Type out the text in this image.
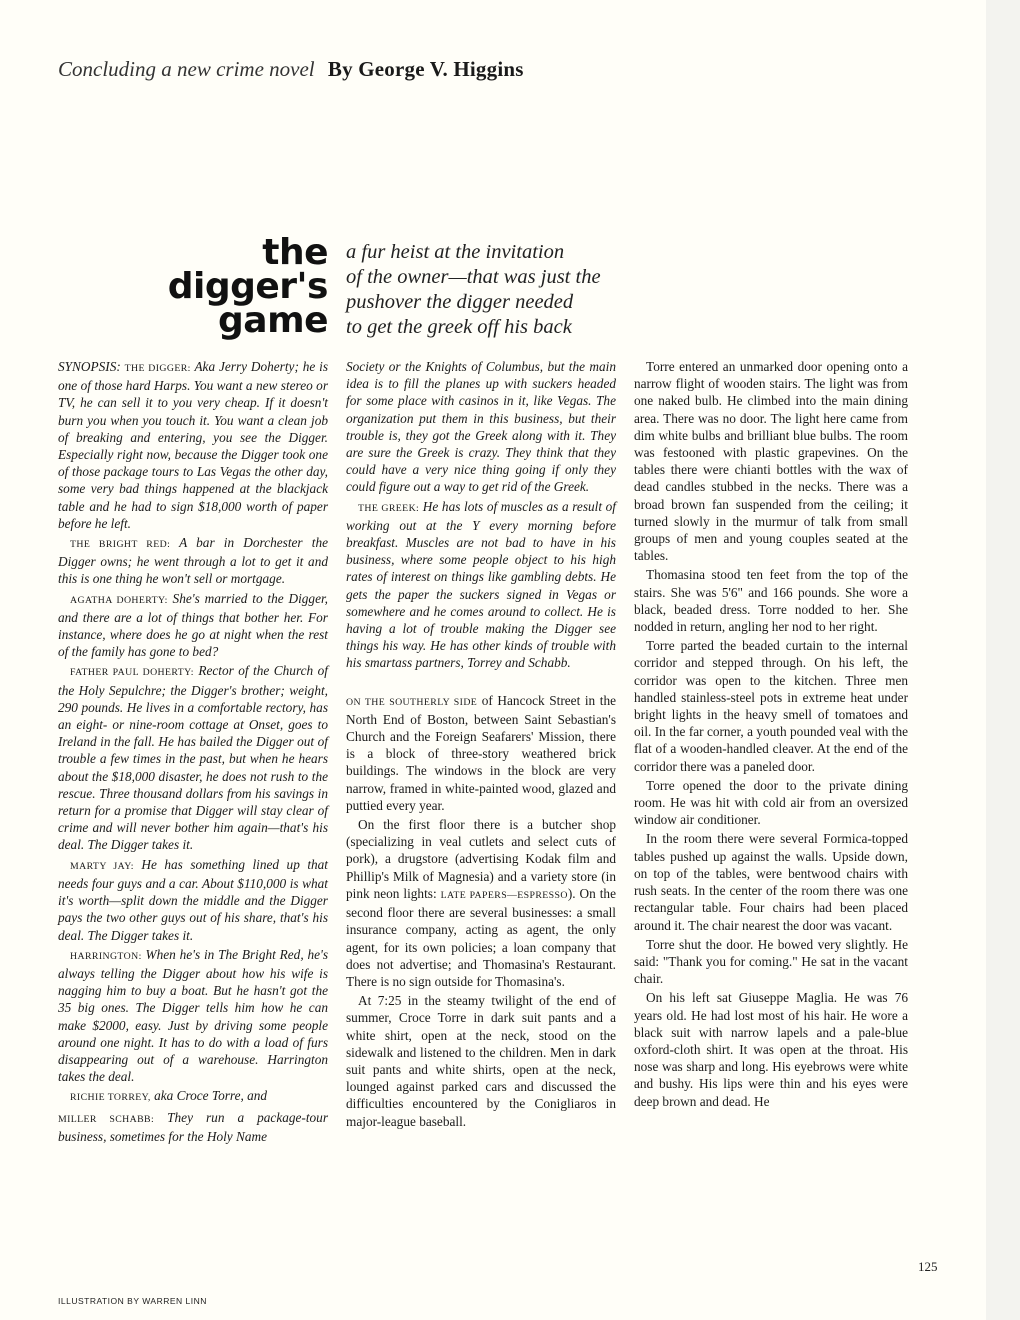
Concluding a new crime novel By George V. Higgins
the
digger's
game
a fur heist at the invitation
of the owner—that was just the
pushover the digger needed
to get the greek off his back

SYNOPSIS: THE DIGGER: Aka Jerry Doherty; he is one of those hard Harps. You want a new stereo or TV, he can sell it to you very cheap. If it doesn't burn you when you touch it. You want a clean job of breaking and entering, you see the Digger. Especially right now, because the Digger took one of those package tours to Las Vegas the other day, some very bad things happened at the blackjack table and he had to sign $18,000 worth of paper before he left.

THE BRIGHT RED: A bar in Dorchester the Digger owns; he went through a lot to get it and this is one thing he won't sell or mortgage.

AGATHA DOHERTY: She's married to the Digger, and there are a lot of things that bother her. For instance, where does he go at night when the rest of the family has gone to bed?

FATHER PAUL DOHERTY: Rector of the Church of the Holy Sepulchre; the Digger's brother; weight, 290 pounds. He lives in a comfortable rectory, has an eight- or nine-room cottage at Onset, goes to Ireland in the fall. He has bailed the Digger out of trouble a few times in the past, but when he hears about the $18,000 disaster, he does not rush to the rescue. Three thousand dollars from his savings in return for a promise that Digger will stay clear of crime and will never bother him again—that's his deal. The Digger takes it.

MARTY JAY: He has something lined up that needs four guys and a car. About $110,000 is what it's worth—split down the middle and the Digger pays the two other guys out of his share, that's his deal. The Digger takes it.

HARRINGTON: When he's in The Bright Red, he's always telling the Digger about how his wife is nagging him to buy a boat. But he hasn't got the 35 big ones. The Digger tells him how he can make $2000, easy. Just by driving some people around one night. It has to do with a load of furs disappearing out of a warehouse. Harrington takes the deal.

RICHIE TORREY, aka Croce Torre, and

MILLER SCHABB: They run a package-tour business, sometimes for the Holy Name

Society or the Knights of Columbus, but the main idea is to fill the planes up with suckers headed for some place with casinos in it, like Vegas. The organization put them in this business, but their trouble is, they got the Greek along with it. They are sure the Greek is crazy. They think that they could have a very nice thing going if only they could figure out a way to get rid of the Greek.

THE GREEK: He has lots of muscles as a result of working out at the Y every morning before breakfast. Muscles are not bad to have in his business, where some people object to his high rates of interest on things like gambling debts. He gets the paper the suckers signed in Vegas or somewhere and he comes around to collect. He is having a lot of trouble making the Digger see things his way. He has other kinds of trouble with his smartass partners, Torrey and Schabb.

ON THE SOUTHERLY SIDE of Hancock Street in the North End of Boston, between Saint Sebastian's Church and the Foreign Seafarers' Mission, there is a block of three-story weathered brick buildings. The windows in the block are very narrow, framed in white-painted wood, glazed and puttied every year.

On the first floor there is a butcher shop (specializing in veal cutlets and select cuts of pork), a drugstore (advertising Kodak film and Phillip's Milk of Magnesia) and a variety store (in pink neon lights: LATE PAPERS—ESPRESSO). On the second floor there are several businesses: a small insurance company, acting as agent, the only agent, for its own policies; a loan company that does not advertise; and Thomasina's Restaurant. There is no sign outside for Thomasina's.

At 7:25 in the steamy twilight of the end of summer, Croce Torre in dark suit pants and a white shirt, open at the neck, stood on the sidewalk and listened to the children. Men in dark suit pants and white shirts, open at the neck, lounged against parked cars and discussed the difficulties encountered by the Conigliaros in major-league baseball.

Torre entered an unmarked door opening onto a narrow flight of wooden stairs. The light was from one naked bulb. He climbed into the main dining area. There was no door. The light here came from dim white bulbs and brilliant blue bulbs. The room was festooned with plastic grapevines. On the tables there were chianti bottles with the wax of dead candles stubbed in the necks. There was a broad brown fan suspended from the ceiling; it turned slowly in the murmur of talk from small groups of men and young couples seated at the tables.

Thomasina stood ten feet from the top of the stairs. She was 5'6" and 166 pounds. She wore a black, beaded dress. Torre nodded to her. She nodded in return, angling her nod to her right.

Torre parted the beaded curtain to the internal corridor and stepped through. On his left, the corridor was open to the kitchen. Three men handled stainless-steel pots in extreme heat under bright lights in the heavy smell of tomatoes and oil. In the far corner, a youth pounded veal with the flat of a wooden-handled cleaver. At the end of the corridor there was a paneled door.

Torre opened the door to the private dining room. He was hit with cold air from an oversized window air conditioner.

In the room there were several Formica-topped tables pushed up against the walls. Upside down, on top of the tables, were bentwood chairs with rush seats. In the center of the room there was one rectangular table. Four chairs had been placed around it. The chair nearest the door was vacant.

Torre shut the door. He bowed very slightly. He said: "Thank you for coming." He sat in the vacant chair.

On his left sat Giuseppe Maglia. He was 76 years old. He had lost most of his hair. He wore a black suit with narrow lapels and a pale-blue oxford-cloth shirt. It was open at the throat. His nose was sharp and long. His eyebrows were white and bushy. His lips were thin and his eyes were deep brown and dead. He

125
ILLUSTRATION BY WARREN LINN
